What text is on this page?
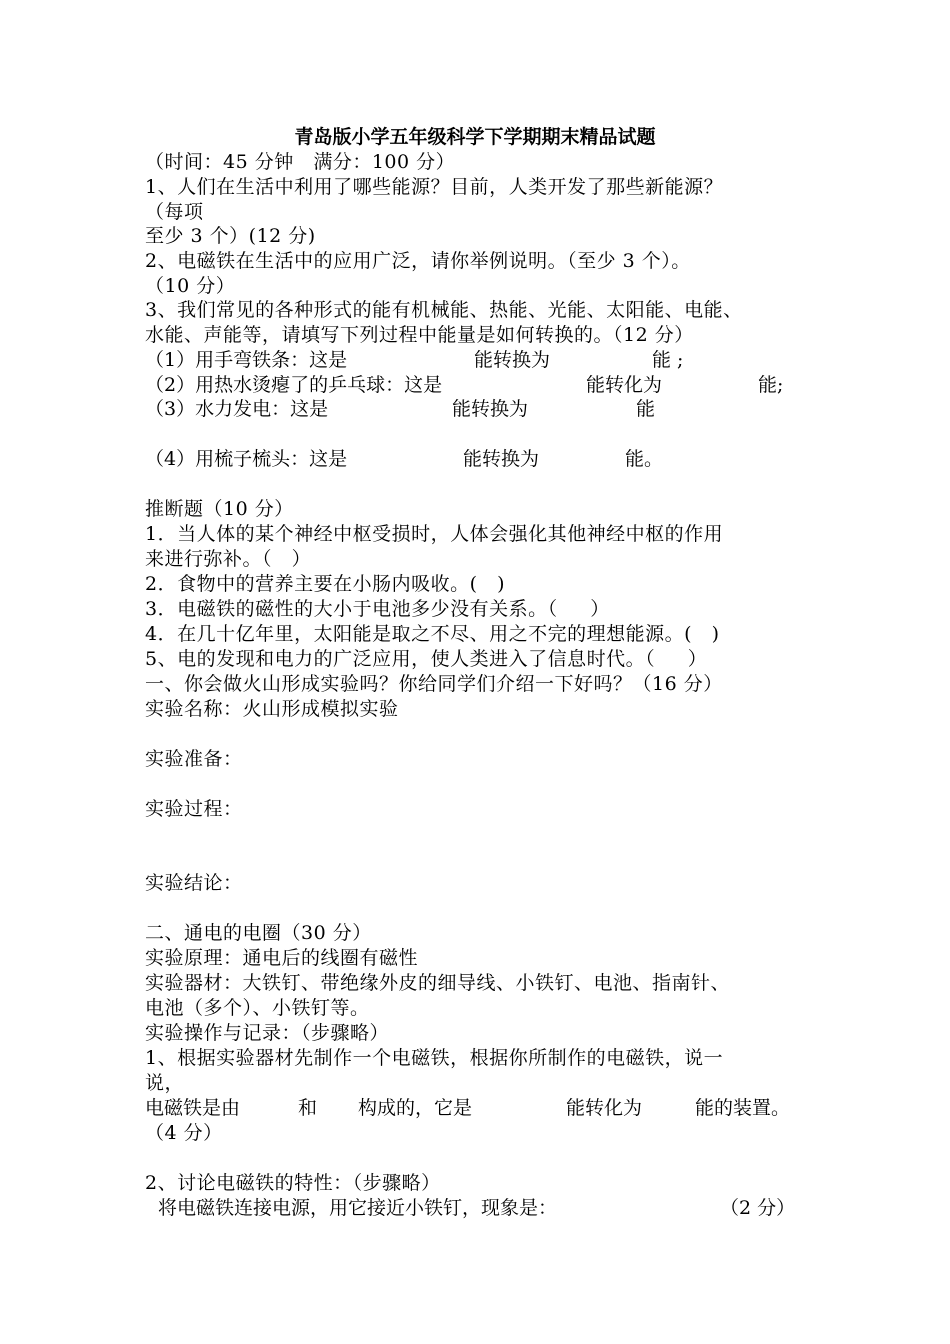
青岛版小学五年级科学下学期期末精品试题
（时间：45 分钟   满分：100 分）
1、人们在生活中利用了哪些能源？目前，人类开发了那些新能源？
（每项
至少 3 个）(12 分)
2、电磁铁在生活中的应用广泛，请你举例说明。（至少 3 个）。
（10 分）
3、我们常见的各种形式的能有机械能、热能、光能、太阳能、电能、
水能、声能等，请填写下列过程中能量是如何转换的。（12 分）
（1）用手弯铁条：这是	能转换为	能 ;
（2）用热水烫瘪了的乒乓球：这是	能转化为	能;
（3）水力发电：这是	能转换为	能
（4）用梳子梳头：这是	能转换为	能。
推断题（10 分）
1．当人体的某个神经中枢受损时，人体会强化其他神经中枢的作用
来进行弥补。（   ）
2．食物中的营养主要在小肠内吸收。(   )
3．电磁铁的磁性的大小于电池多少没有关系。（     ）
4．在几十亿年里，太阳能是取之不尽、用之不完的理想能源。(   )
5、电的发现和电力的广泛应用，使人类进入了信息时代。（     ）
一、你会做火山形成实验吗？你给同学们介绍一下好吗？（16 分）
实验名称：火山形成模拟实验
实验准备：
实验过程：
实验结论：
二、通电的电圈（30 分）
实验原理：通电后的线圈有磁性
实验器材：大铁钉、带绝缘外皮的细导线、小铁钉、电池、指南针、
电池（多个）、小铁钉等。
实验操作与记录：（步骤略）
1、根据实验器材先制作一个电磁铁，根据你所制作的电磁铁，说一
说，
电磁铁是由	和 构成的，它是	能转化为	能的装置。
（4 分）
2、讨论电磁铁的特性：（步骤略）
将电磁铁连接电源，用它接近小铁钉，现象是：	（2 分）
